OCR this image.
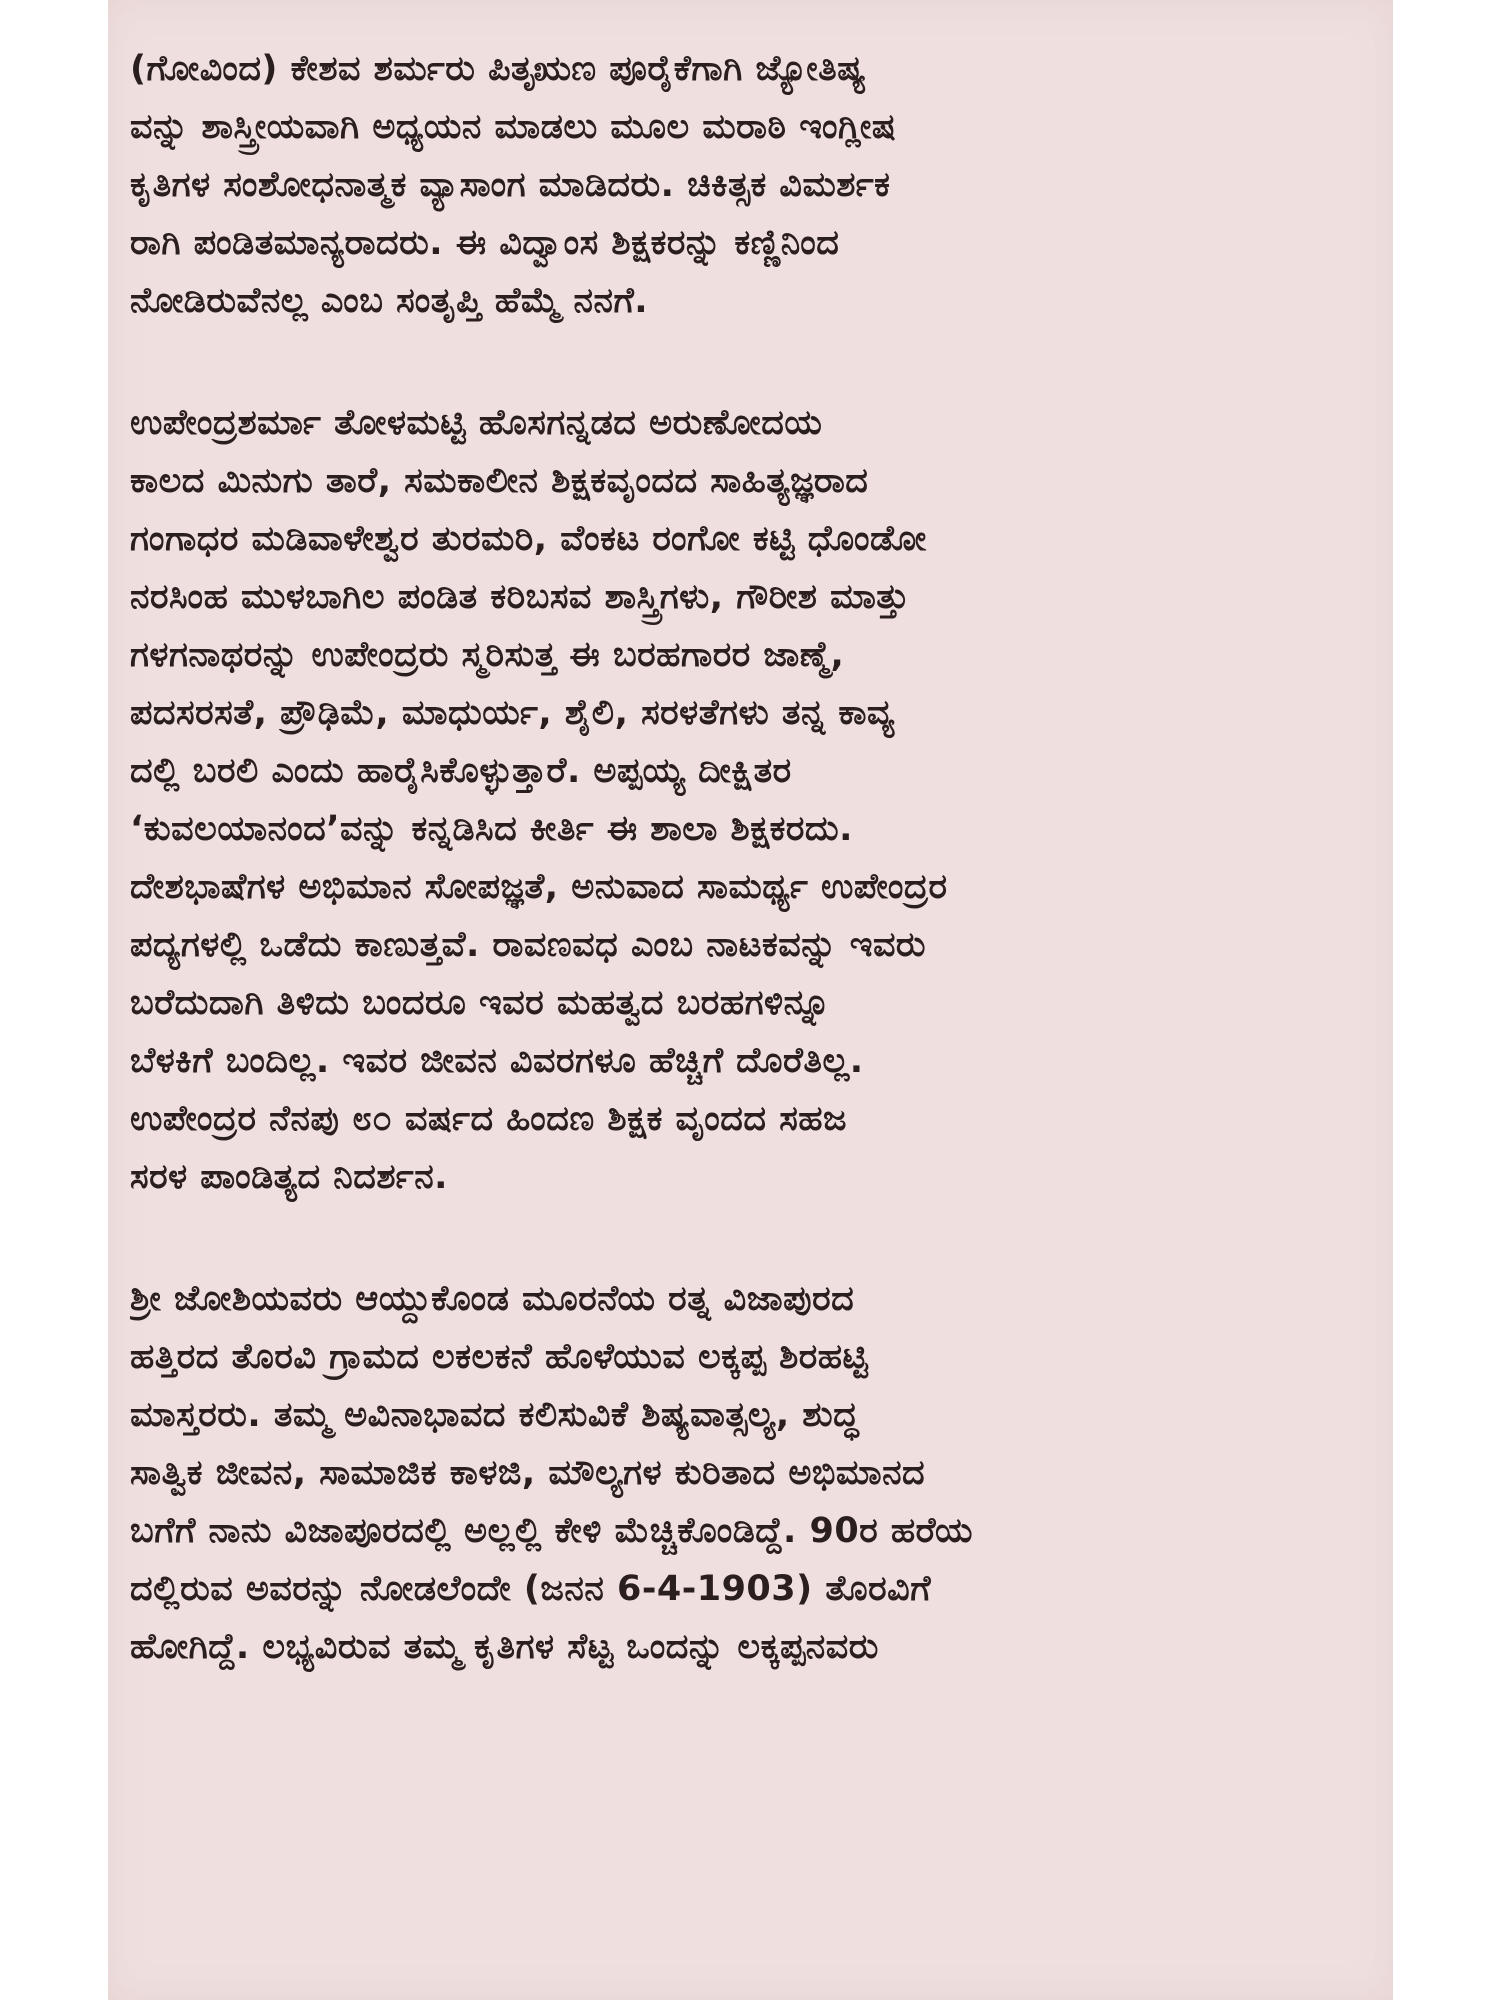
(ಗೋವಿಂದ) ಕೇಶವ ಶರ್ಮರು ಪಿತೃಋಣ ಪೂರೈಕೆಗಾಗಿ ಜ್ಯೋತಿಷ್ಯ
ವನ್ನು ಶಾಸ್ತ್ರೀಯವಾಗಿ ಅಧ್ಯಯನ ಮಾಡಲು ಮೂಲ ಮರಾಠಿ ಇಂಗ್ಲೀಷ
ಕೃತಿಗಳ ಸಂಶೋಧನಾತ್ಮಕ ವ್ಯಾಸಾಂಗ ಮಾಡಿದರು. ಚಿಕಿತ್ಸಕ ವಿಮರ್ಶಕ
ರಾಗಿ ಪಂಡಿತಮಾನ್ಯರಾದರು. ಈ ವಿದ್ವಾಂಸ ಶಿಕ್ಷಕರನ್ನು ಕಣ್ಣಿನಿಂದ
ನೋಡಿರುವೆನಲ್ಲ ಎಂಬ ಸಂತೃಪ್ತಿ ಹೆಮ್ಮೆ ನನಗೆ.
ಉಪೇಂದ್ರಶರ್ಮಾ ತೋಳಮಟ್ಟಿ ಹೊಸಗನ್ನಡದ ಅರುಣೋದಯ
ಕಾಲದ ಮಿನುಗು ತಾರೆ, ಸಮಕಾಲೀನ ಶಿಕ್ಷಕವೃಂದದ ಸಾಹಿತ್ಯಜ್ಞರಾದ
ಗಂಗಾಧರ ಮಡಿವಾಳೇಶ್ವರ ತುರಮರಿ, ವೆಂಕಟ ರಂಗೋ ಕಟ್ಟಿ ಧೊಂಡೋ
ನರಸಿಂಹ ಮುಳಬಾಗಿಲ ಪಂಡಿತ ಕರಿಬಸವ ಶಾಸ್ತ್ರಿಗಳು, ಗೌರೀಶ ಮಾತ್ತು
ಗಳಗನಾಥರನ್ನು ಉಪೇಂದ್ರರು ಸ್ಮರಿಸುತ್ತ ಈ ಬರಹಗಾರರ ಜಾಣ್ಮೆ,
ಪದಸರಸತೆ, ಪ್ರೌಢಿಮೆ, ಮಾಧುರ್ಯ, ಶೈಲಿ, ಸರಳತೆಗಳು ತನ್ನ ಕಾವ್ಯ
ದಲ್ಲಿ ಬರಲಿ ಎಂದು ಹಾರೈಸಿಕೊಳ್ಳುತ್ತಾರೆ. ಅಪ್ಪಯ್ಯ ದೀಕ್ಷಿತರ
‘ಕುವಲಯಾನಂದ’ವನ್ನು ಕನ್ನಡಿಸಿದ ಕೀರ್ತಿ ಈ ಶಾಲಾ ಶಿಕ್ಷಕರದು.
ದೇಶಭಾಷೆಗಳ ಅಭಿಮಾನ ಸೋಪಜ್ಞತೆ, ಅನುವಾದ ಸಾಮರ್ಥ್ಯ ಉಪೇಂದ್ರರ
ಪದ್ಯಗಳಲ್ಲಿ ಒಡೆದು ಕಾಣುತ್ತವೆ. ರಾವಣವಧ ಎಂಬ ನಾಟಕವನ್ನು ಇವರು
ಬರೆದುದಾಗಿ ತಿಳಿದು ಬಂದರೂ ಇವರ ಮಹತ್ವದ ಬರಹಗಳಿನ್ನೂ
ಬೆಳಕಿಗೆ ಬಂದಿಲ್ಲ. ಇವರ ಜೀವನ ವಿವರಗಳೂ ಹೆಚ್ಚಿಗೆ ದೊರೆತಿಲ್ಲ.
ಉಪೇಂದ್ರರ ನೆನಪು ೮೦ ವರ್ಷದ ಹಿಂದಣ ಶಿಕ್ಷಕ ವೃಂದದ ಸಹಜ
ಸರಳ ಪಾಂಡಿತ್ಯದ ನಿದರ್ಶನ.
ಶ್ರೀ ಜೋಶಿಯವರು ಆಯ್ದುಕೊಂಡ ಮೂರನೆಯ ರತ್ನ ವಿಜಾಪುರದ
ಹತ್ತಿರದ ತೊರವಿ ಗ್ರಾಮದ ಲಕಲಕನೆ ಹೊಳೆಯುವ ಲಕ್ಕಪ್ಪ ಶಿರಹಟ್ಟಿ
ಮಾಸ್ತರರು. ತಮ್ಮ ಅವಿನಾಭಾವದ ಕಲಿಸುವಿಕೆ ಶಿಷ್ಯವಾತ್ಸಲ್ಯ, ಶುದ್ಧ
ಸಾತ್ವಿಕ ಜೀವನ, ಸಾಮಾಜಿಕ ಕಾಳಜಿ, ಮೌಲ್ಯಗಳ ಕುರಿತಾದ ಅಭಿಮಾನದ
ಬಗೆಗೆ ನಾನು ವಿಜಾಪೂರದಲ್ಲಿ ಅಲ್ಲಲ್ಲಿ ಕೇಳಿ ಮೆಚ್ಚಿಕೊಂಡಿದ್ದೆ. 90ರ ಹರೆಯ
ದಲ್ಲಿರುವ ಅವರನ್ನು ನೋಡಲೆಂದೇ (ಜನನ 6-4-1903) ತೊರವಿಗೆ
ಹೋಗಿದ್ದೆ. ಲಭ್ಯವಿರುವ ತಮ್ಮ ಕೃತಿಗಳ ಸೆಟ್ಟ ಒಂದನ್ನು ಲಕ್ಕಪ್ಪನವರು
